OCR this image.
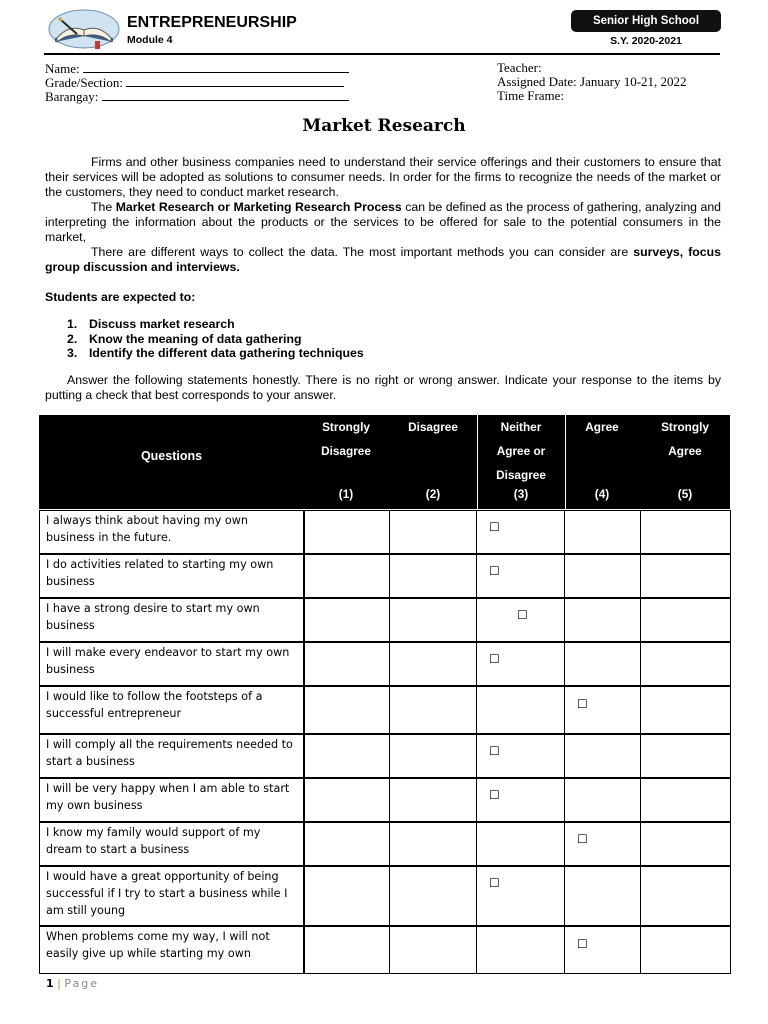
ENTREPRENEURSHIP
Module 4
Senior High School
S.Y. 2020-2021
Name:
Grade/Section:
Barangay:
Teacher:
Assigned Date: January 10-21, 2022
Time Frame:
Market Research
Firms and other business companies need to understand their service offerings and their customers to ensure that their services will be adopted as solutions to consumer needs. In order for the firms to recognize the needs of the market or the customers, they need to conduct market research.
The Market Research or Marketing Research Process can be defined as the process of gathering, analyzing and interpreting the information about the products or the services to be offered for sale to the potential consumers in the market,
There are different ways to collect the data. The most important methods you can consider are surveys, focus group discussion and interviews.
Students are expected to:
1. Discuss market research
2. Know the meaning of data gathering
3. Identify the different data gathering techniques
Answer the following statements honestly. There is no right or wrong answer. Indicate your response to the items by putting a check that best corresponds to your answer.
Questions
Strongly
Disagree
(1)
Disagree
(2)
Neither
Agree or
Disagree
(3)
Agree
(4)
Strongly
Agree
(5)
I always think about having my own business in the future.
☐
I do activities related to starting my own business
☐
I have a strong desire to start my own business
☐
I will make every endeavor to start my own business
☐
I would like to follow the footsteps of a successful entrepreneur
☐
I will comply all the requirements needed to start a business
☐
I will be very happy when I am able to start my own business
☐
I know my family would support of my dream to start a business
☐
I would have a great opportunity of being successful if I try to start a business while I am still young
☐
When problems come my way, I will not easily give up while starting my own
☐
1 | Page
